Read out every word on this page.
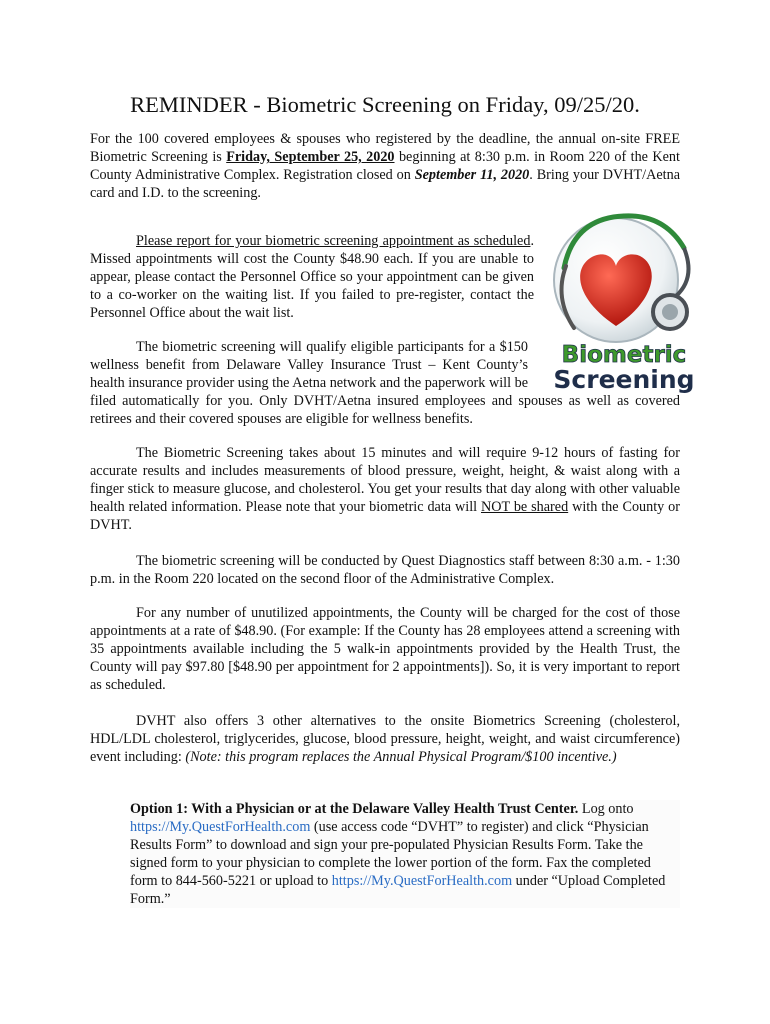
REMINDER - Biometric Screening on Friday, 09/25/20.

For the 100 covered employees & spouses who registered by the deadline, the annual on-site FREE Biometric Screening is Friday, September 25, 2020 beginning at 8:30 p.m. in Room 220 of the Kent County Administrative Complex. Registration closed on September 11, 2020. Bring your DVHT/Aetna card and I.D. to the screening.

Biometric
Screening

Please report for your biometric screening appointment as scheduled. Missed appointments will cost the County $48.90 each. If you are unable to appear, please contact the Personnel Office so your appointment can be given to a co-worker on the waiting list. If you failed to pre-register, contact the Personnel Office about the wait list.

The biometric screening will qualify eligible participants for a $150 wellness benefit from Delaware Valley Insurance Trust – Kent County’s health insurance provider using the Aetna network and the paperwork will be filed automatically for you. Only DVHT/Aetna insured employees and spouses as well as covered retirees and their covered spouses are eligible for wellness benefits.

The Biometric Screening takes about 15 minutes and will require 9-12 hours of fasting for accurate results and includes measurements of blood pressure, weight, height, & waist along with a finger stick to measure glucose, and cholesterol. You get your results that day along with other valuable health related information. Please note that your biometric data will NOT be shared with the County or DVHT.

The biometric screening will be conducted by Quest Diagnostics staff between 8:30 a.m. - 1:30 p.m. in the Room 220 located on the second floor of the Administrative Complex.

For any number of unutilized appointments, the County will be charged for the cost of those appointments at a rate of $48.90. (For example: If the County has 28 employees attend a screening with 35 appointments available including the 5 walk-in appointments provided by the Health Trust, the County will pay $97.80 [$48.90 per appointment for 2 appointments]). So, it is very important to report as scheduled.

DVHT also offers 3 other alternatives to the onsite Biometrics Screening (cholesterol, HDL/LDL cholesterol, triglycerides, glucose, blood pressure, height, weight, and waist circumference) event including: (Note: this program replaces the Annual Physical Program/$100 incentive.)

Option 1: With a Physician or at the Delaware Valley Health Trust Center. Log onto https://My.QuestForHealth.com (use access code “DVHT” to register) and click “Physician Results Form” to download and sign your pre-populated Physician Results Form. Take the signed form to your physician to complete the lower portion of the form. Fax the completed form to 844-560-5221 or upload to https://My.QuestForHealth.com under “Upload Completed Form.”
